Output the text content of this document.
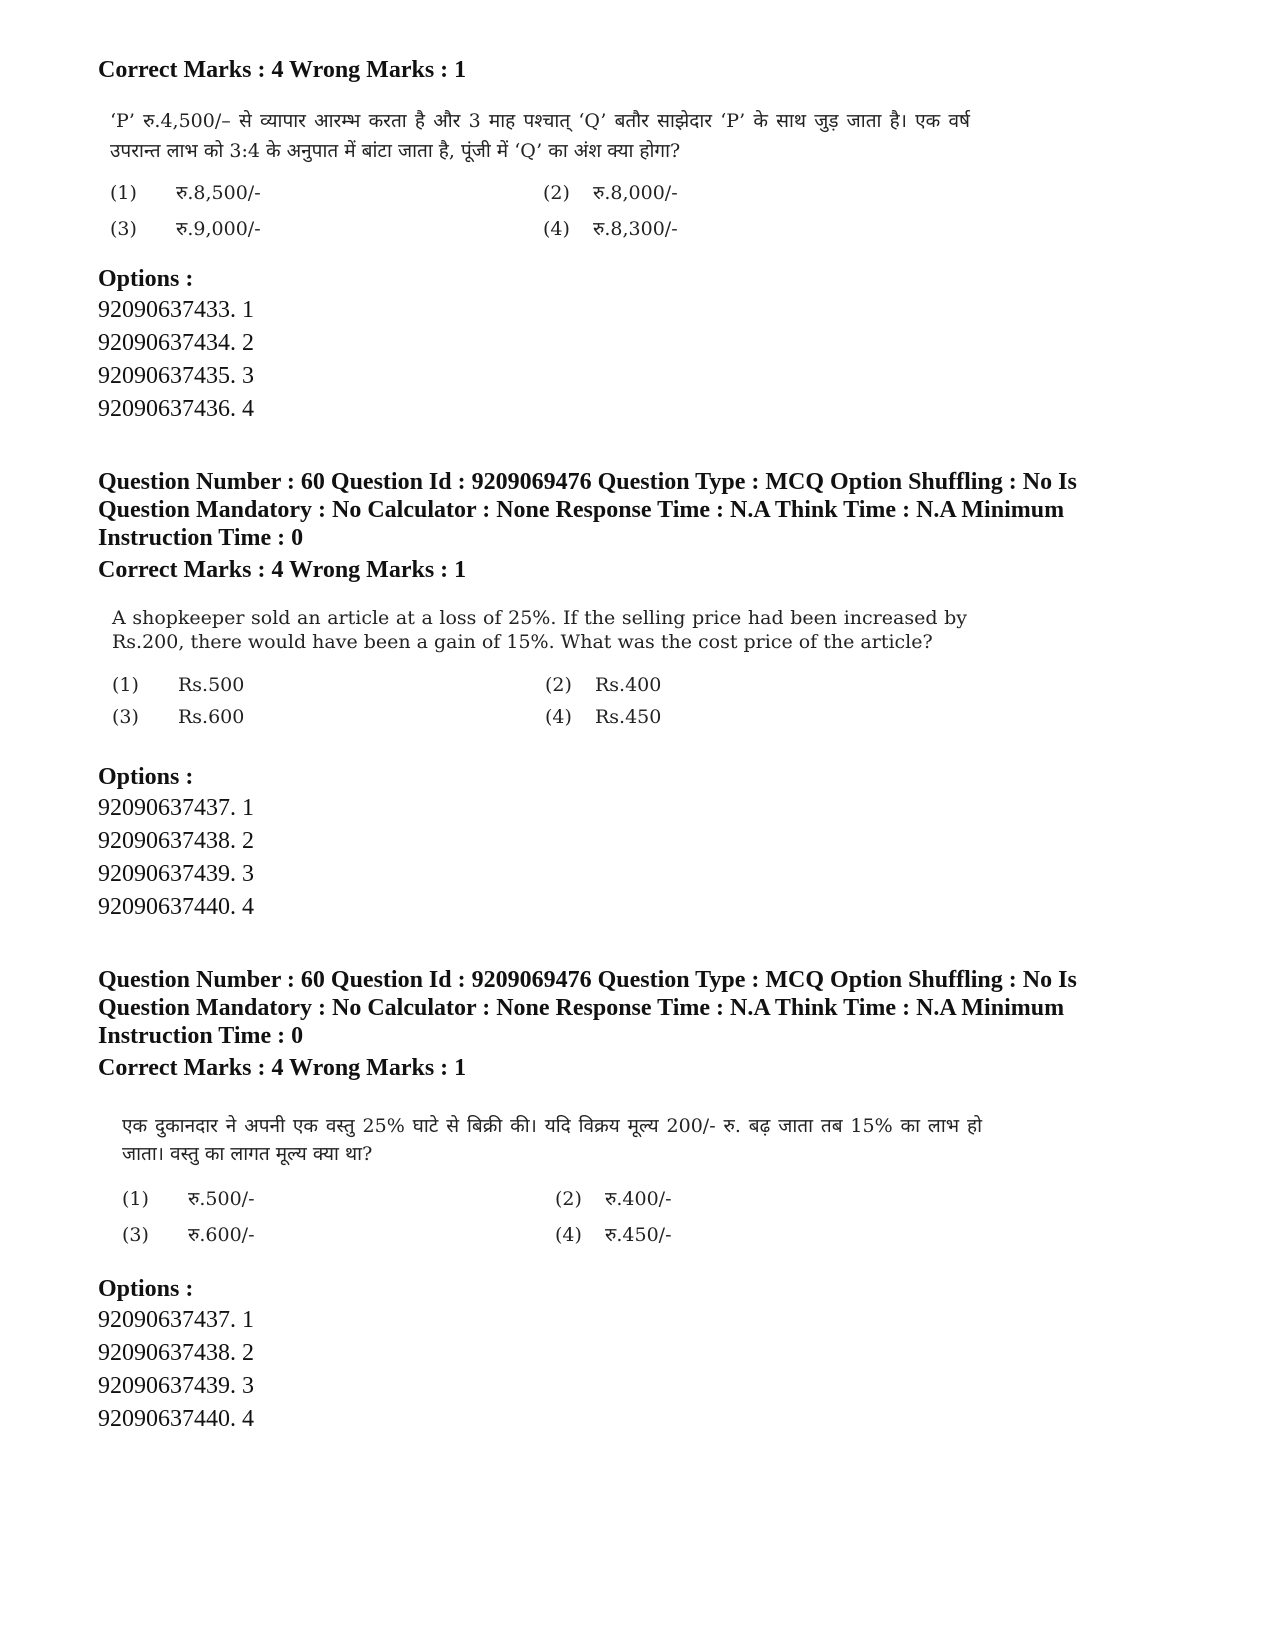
Correct Marks : 4 Wrong Marks : 1

‘P’ रु.4,500/– से व्यापार आरम्भ करता है और 3 माह पश्चात् ‘Q’ बतौर साझेदार ‘P’ के साथ जुड़ जाता है। एक वर्ष उपरान्त लाभ को 3:4 के अनुपात में बांटा जाता है, पूंजी में ‘Q’ का अंश क्या होगा?

(1)	रु.8,500/-	(2)	रु.8,000/-
(3)	रु.9,000/-	(4)	रु.8,300/-

Options :

92090637433. 1
92090637434. 2
92090637435. 3
92090637436. 4

Question Number : 60 Question Id : 9209069476 Question Type : MCQ Option Shuffling : No Is

Question Mandatory : No Calculator : None Response Time : N.A Think Time : N.A Minimum

Instruction Time : 0

Correct Marks : 4 Wrong Marks : 1

A shopkeeper sold an article at a loss of 25%. If the selling price had been increased by Rs.200, there would have been a gain of 15%. What was the cost price of the article?

(1)	Rs.500	(2)	Rs.400
(3)	Rs.600	(4)	Rs.450

Options :

92090637437. 1
92090637438. 2
92090637439. 3
92090637440. 4

Question Number : 60 Question Id : 9209069476 Question Type : MCQ Option Shuffling : No Is

Question Mandatory : No Calculator : None Response Time : N.A Think Time : N.A Minimum

Instruction Time : 0

Correct Marks : 4 Wrong Marks : 1

एक दुकानदार ने अपनी एक वस्तु 25% घाटे से बिक्री की। यदि विक्रय मूल्य 200/- रु. बढ़ जाता तब 15% का लाभ हो जाता। वस्तु का लागत मूल्य क्या था?

(1)	रु.500/-	(2)	रु.400/-
(3)	रु.600/-	(4)	रु.450/-

Options :

92090637437. 1
92090637438. 2
92090637439. 3
92090637440. 4
